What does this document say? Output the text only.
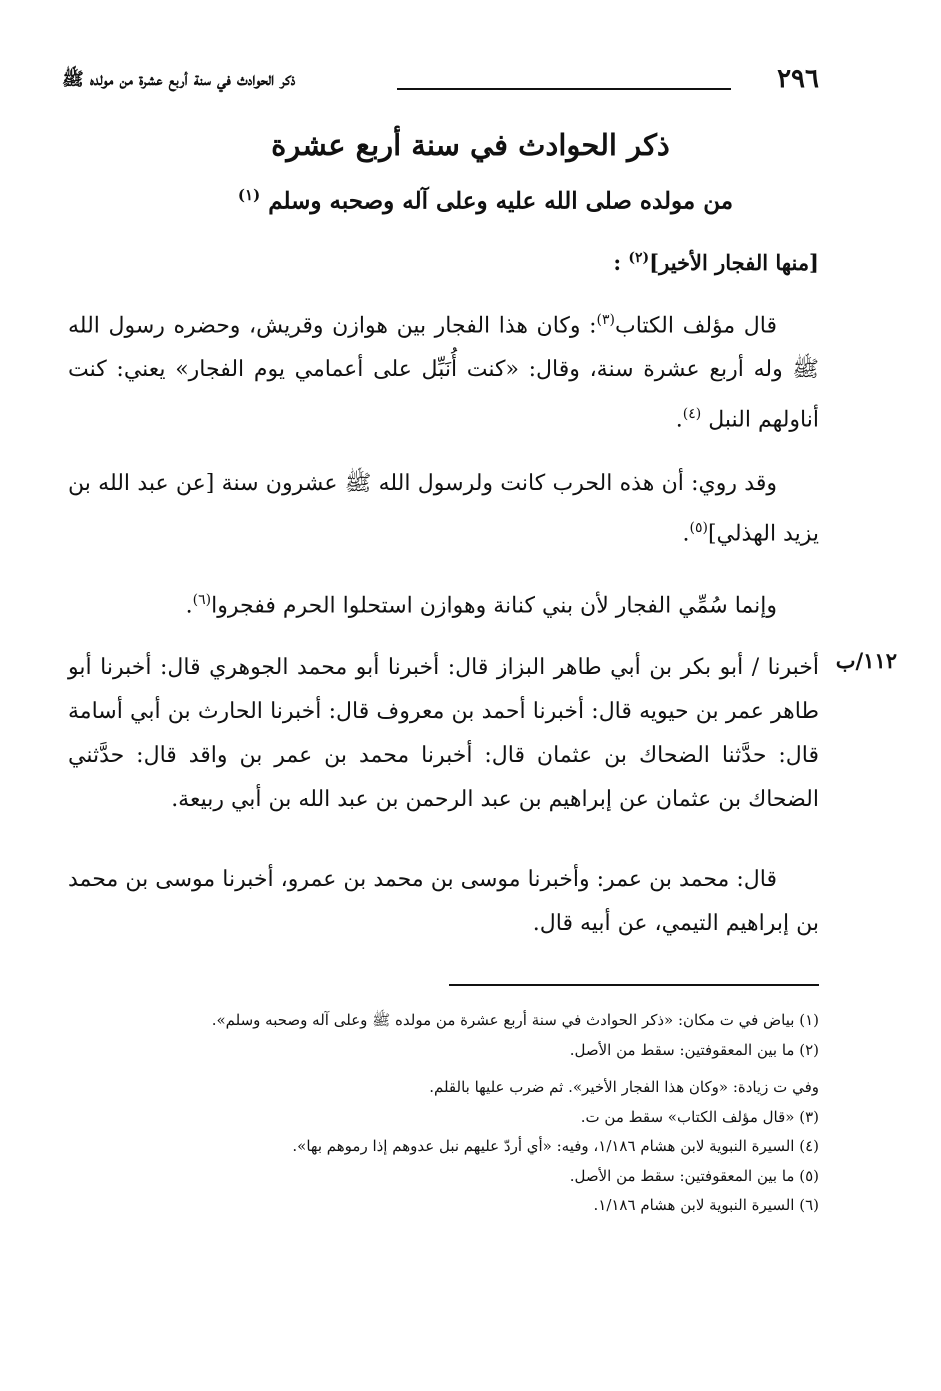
٢٩٦
ذكر الحوادث في سنة أربع عشرة من مولده ﷺ
ذكر الحوادث في سنة أربع عشرة
من مولده صلى الله عليه وعلى آله وصحبه وسلم $^{(١)}$
[منها الفجار الأخير]$^{(٢)}$ :

قال مؤلف الكتاب$^{(٣)}$: وكان هذا الفجار بين هوازن وقريش، وحضره رسول الله ﷺ وله أربع عشرة سنة، وقال: «كنت أُنَبِّل على أعمامي يوم الفجار» يعني: كنت أناولهم النبل $^{(٤)}$.

وقد روي: أن هذه الحرب كانت ولرسول الله ﷺ عشرون سنة [عن عبد الله بن يزيد الهذلي]$^{(٥)}$.

وإنما سُمِّي الفجار لأن بني كنانة وهوازن استحلوا الحرم ففجروا$^{(٦)}$.

١١٢/ب

أخبرنا / أبو بكر بن أبي طاهر البزاز قال: أخبرنا أبو محمد الجوهري قال: أخبرنا أبو طاهر عمر بن حيويه قال: أخبرنا أحمد بن معروف قال: أخبرنا الحارث بن أبي أسامة قال: حدَّثنا الضحاك بن عثمان قال: أخبرنا محمد بن عمر بن واقد قال: حدَّثني الضحاك بن عثمان عن إبراهيم بن عبد الرحمن بن عبد الله بن أبي ربيعة.

قال: محمد بن عمر: وأخبرنا موسى بن محمد بن عمرو، أخبرنا موسى بن محمد بن إبراهيم التيمي، عن أبيه قال.

(١) بياض في ت مكان: «ذكر الحوادث في سنة أربع عشرة من مولده ﷺ وعلى آله وصحبه وسلم».
(٢) ما بين المعقوفتين: سقط من الأصل.
وفي ت زيادة: «وكان هذا الفجار الأخير». ثم ضرب عليها بالقلم.
(٣) «قال مؤلف الكتاب» سقط من ت.
(٤) السيرة النبوية لابن هشام ١/١٨٦، وفيه: «أي أردّ عليهم نبل عدوهم إذا رموهم بها».
(٥) ما بين المعقوفتين: سقط من الأصل.
(٦) السيرة النبوية لابن هشام ١/١٨٦.
